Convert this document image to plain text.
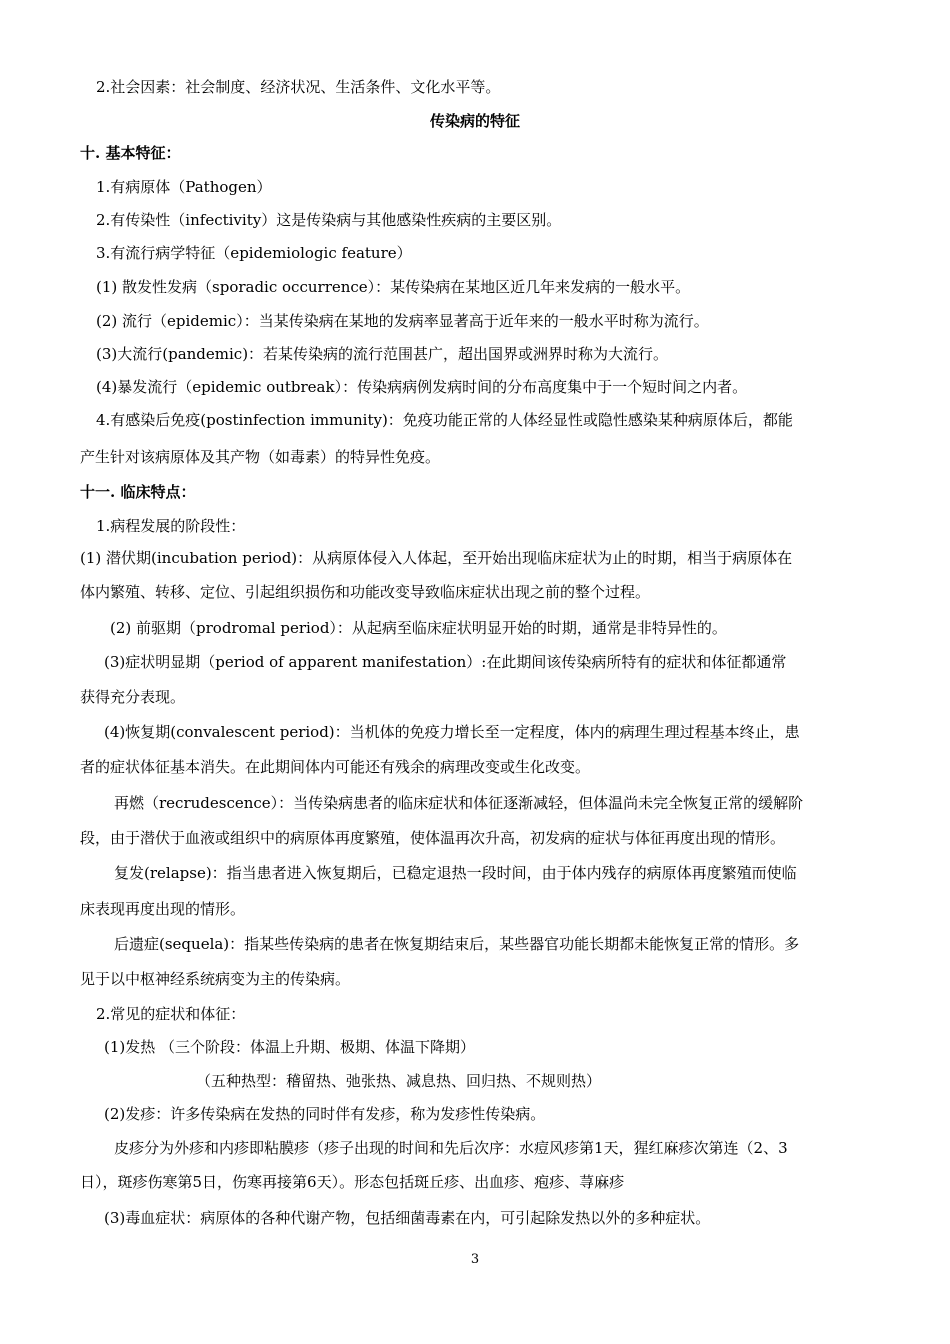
2.社会因素：社会制度、经济状况、生活条件、文化水平等。
传染病的特征
十. 基本特征：
1.有病原体（Pathogen）
2.有传染性（infectivity）这是传染病与其他感染性疾病的主要区别。
3.有流行病学特征（epidemiologic feature）
(1) 散发性发病（sporadic occurrence）：某传染病在某地区近几年来发病的一般水平。
(2) 流行（epidemic）：当某传染病在某地的发病率显著高于近年来的一般水平时称为流行。
(3)大流行(pandemic)：若某传染病的流行范围甚广，超出国界或洲界时称为大流行。
(4)暴发流行（epidemic outbreak）：传染病病例发病时间的分布高度集中于一个短时间之内者。
4.有感染后免疫(postinfection immunity)：免疫功能正常的人体经显性或隐性感染某种病原体后，都能
产生针对该病原体及其产物（如毒素）的特异性免疫。
十一. 临床特点：
1.病程发展的阶段性：
(1) 潜伏期(incubation period)：从病原体侵入人体起，至开始出现临床症状为止的时期，相当于病原体在
体内繁殖、转移、定位、引起组织损伤和功能改变导致临床症状出现之前的整个过程。
(2) 前驱期（prodromal period）：从起病至临床症状明显开始的时期，通常是非特异性的。
(3)症状明显期（period of apparent manifestation）:在此期间该传染病所特有的症状和体征都通常
获得充分表现。
(4)恢复期(convalescent period)：当机体的免疫力增长至一定程度，体内的病理生理过程基本终止，患
者的症状体征基本消失。在此期间体内可能还有残余的病理改变或生化改变。
再燃（recrudescence）：当传染病患者的临床症状和体征逐渐减轻，但体温尚未完全恢复正常的缓解阶
段，由于潜伏于血液或组织中的病原体再度繁殖，使体温再次升高，初发病的症状与体征再度出现的情形。
复发(relapse)：指当患者进入恢复期后，已稳定退热一段时间，由于体内残存的病原体再度繁殖而使临
床表现再度出现的情形。
后遗症(sequela)：指某些传染病的患者在恢复期结束后，某些器官功能长期都未能恢复正常的情形。多
见于以中枢神经系统病变为主的传染病。
2.常见的症状和体征：
(1)发热 （三个阶段：体温上升期、极期、体温下降期）
（五种热型：稽留热、弛张热、减息热、回归热、不规则热）
(2)发疹：许多传染病在发热的同时伴有发疹，称为发疹性传染病。
皮疹分为外疹和内疹即粘膜疹（疹子出现的时间和先后次序：水痘风疹第1天，猩红麻疹次第连（2、3
日），斑疹伤寒第5日，伤寒再接第6天）。形态包括斑丘疹、出血疹、疱疹、荨麻疹
(3)毒血症状：病原体的各种代谢产物，包括细菌毒素在内，可引起除发热以外的多种症状。
3
